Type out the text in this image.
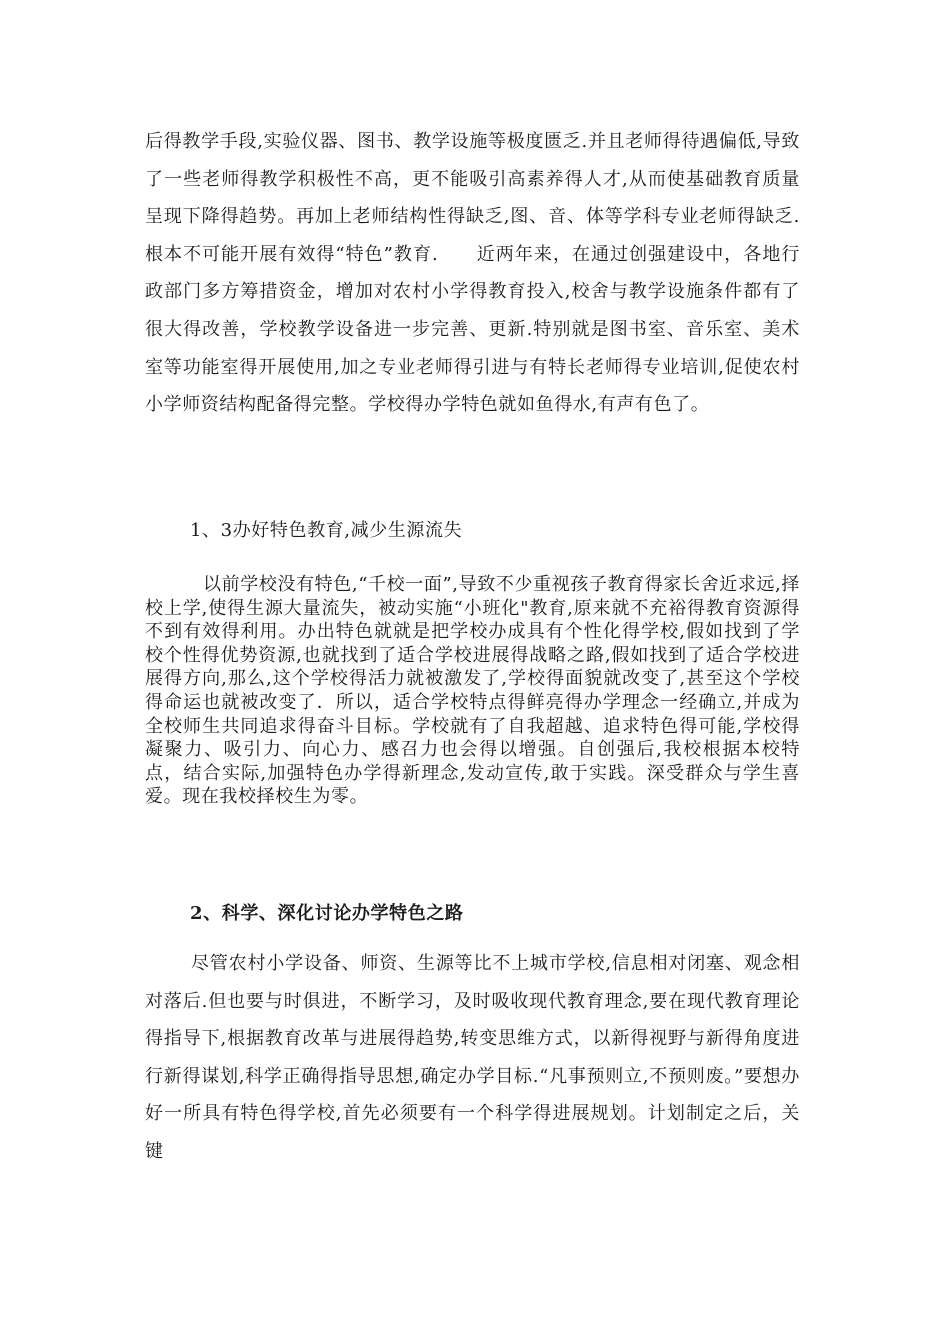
后得教学手段,实验仪器、图书、教学设施等极度匮乏.并且老师得待遇偏低,导致了一些老师得教学积极性不高，更不能吸引高素养得人才,从而使基础教育质量呈现下降得趋势。再加上老师结构性得缺乏,图、音、体等学科专业老师得缺乏.根本不可能开展有效得“特色”教育.　　近两年来，在通过创强建设中，各地行政部门多方筹措资金，增加对农村小学得教育投入,校舍与教学设施条件都有了很大得改善，学校教学设备进一步完善、更新.特别就是图书室、音乐室、美术室等功能室得开展使用,加之专业老师得引进与有特长老师得专业培训,促使农村小学师资结构配备得完整。学校得办学特色就如鱼得水,有声有色了。

1、3办好特色教育,减少生源流失

以前学校没有特色,“千校一面”,导致不少重视孩子教育得家长舍近求远,择校上学,使得生源大量流失，被动实施“小班化"教育,原来就不充裕得教育资源得不到有效得利用。办出特色就就是把学校办成具有个性化得学校,假如找到了学校个性得优势资源,也就找到了适合学校进展得战略之路,假如找到了适合学校进展得方向,那么,这个学校得活力就被激发了,学校得面貌就改变了,甚至这个学校得命运也就被改变了．所以，适合学校特点得鲜亮得办学理念一经确立,并成为全校师生共同追求得奋斗目标。学校就有了自我超越、追求特色得可能,学校得凝聚力、吸引力、向心力、感召力也会得以增强。自创强后,我校根据本校特点，结合实际,加强特色办学得新理念,发动宣传,敢于实践。深受群众与学生喜爱。现在我校择校生为零。

2、科学、深化讨论办学特色之路

尽管农村小学设备、师资、生源等比不上城市学校,信息相对闭塞、观念相对落后.但也要与时俱进，不断学习，及时吸收现代教育理念,要在现代教育理论得指导下,根据教育改革与进展得趋势,转变思维方式，以新得视野与新得角度进行新得谋划,科学正确得指导思想,确定办学目标.“凡事预则立,不预则废。”要想办好一所具有特色得学校,首先必须要有一个科学得进展规划。计划制定之后，关键
